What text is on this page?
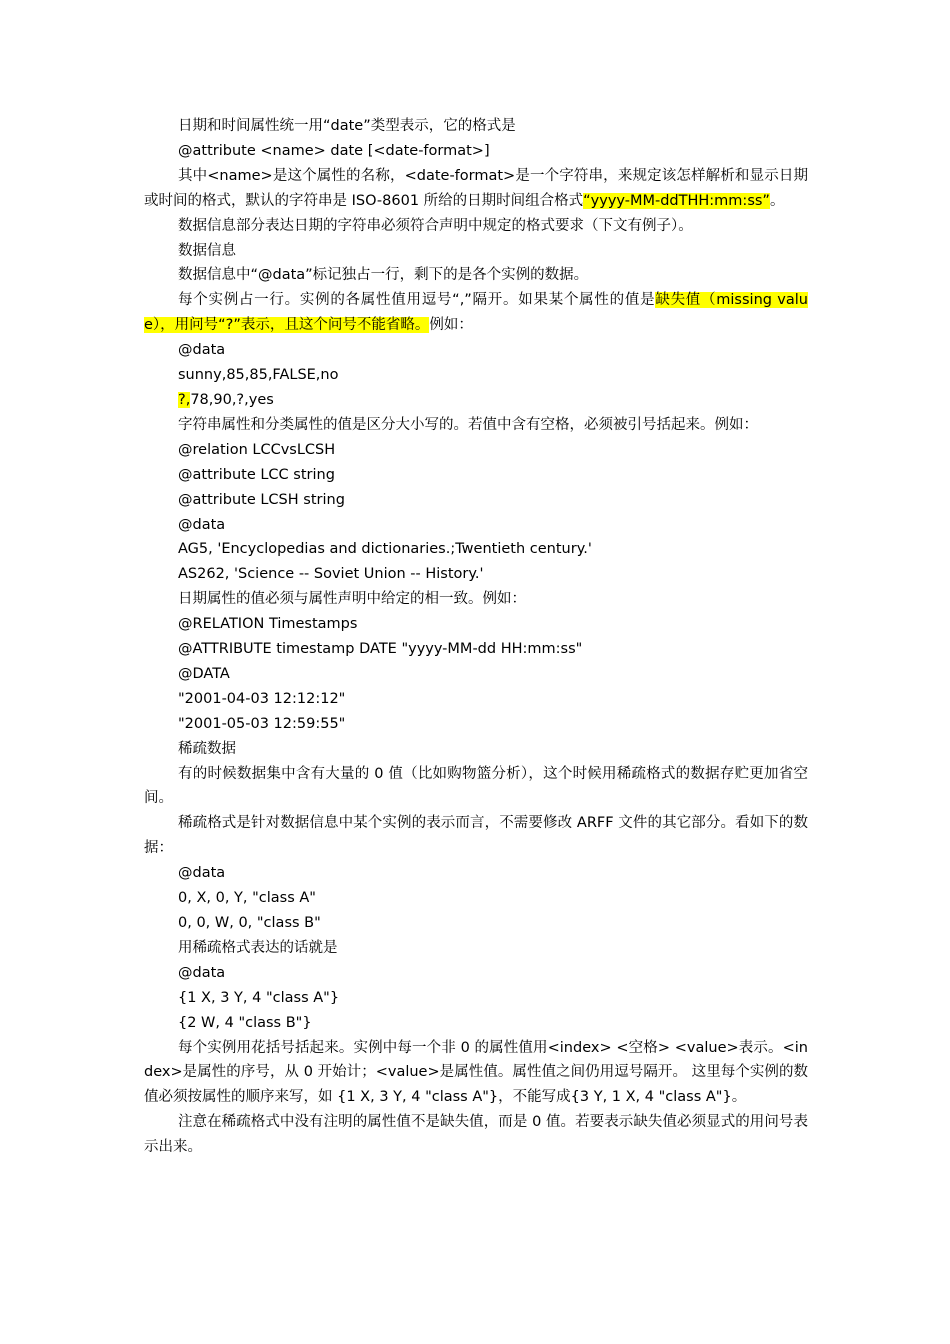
日期和时间属性统一用“date”类型表示，它的格式是

@attribute <name> date [<date-format>]

其中<name>是这个属性的名称，<date-format>是一个字符串，来规定该怎样解析和显示日期或时间的格式，默认的字符串是 ISO-8601 所给的日期时间组合格式“yyyy-MM-ddTHH:mm:ss”。

数据信息部分表达日期的字符串必须符合声明中规定的格式要求（下文有例子）。

数据信息

数据信息中“@data”标记独占一行，剩下的是各个实例的数据。

每个实例占一行。实例的各属性值用逗号“,”隔开。如果某个属性的值是缺失值（missing value），用问号“?”表示，且这个问号不能省略。例如：

@data

sunny,85,85,FALSE,no

?,78,90,?,yes

字符串属性和分类属性的值是区分大小写的。若值中含有空格，必须被引号括起来。例如：

@relation LCCvsLCSH

@attribute LCC string

@attribute LCSH string

@data

AG5, 'Encyclopedias and dictionaries.;Twentieth century.'

AS262, 'Science -- Soviet Union -- History.'

日期属性的值必须与属性声明中给定的相一致。例如：

@RELATION Timestamps

@ATTRIBUTE timestamp DATE "yyyy-MM-dd HH:mm:ss"

@DATA

"2001-04-03 12:12:12"

"2001-05-03 12:59:55"

稀疏数据

有的时候数据集中含有大量的 0 值（比如购物篮分析），这个时候用稀疏格式的数据存贮更加省空间。

稀疏格式是针对数据信息中某个实例的表示而言，不需要修改 ARFF 文件的其它部分。看如下的数据：

@data

0, X, 0, Y, "class A"

0, 0, W, 0, "class B"

用稀疏格式表达的话就是

@data

{1 X, 3 Y, 4 "class A"}

{2 W, 4 "class B"}

每个实例用花括号括起来。实例中每一个非 0 的属性值用<index> <空格> <value>表示。<index>是属性的序号，从 0 开始计；<value>是属性值。属性值之间仍用逗号隔开。 这里每个实例的数值必须按属性的顺序来写，如 {1 X, 3 Y, 4 "class A"}，不能写成{3 Y, 1 X, 4 "class A"}。

注意在稀疏格式中没有注明的属性值不是缺失值，而是 0 值。若要表示缺失值必须显式的用问号表示出来。
